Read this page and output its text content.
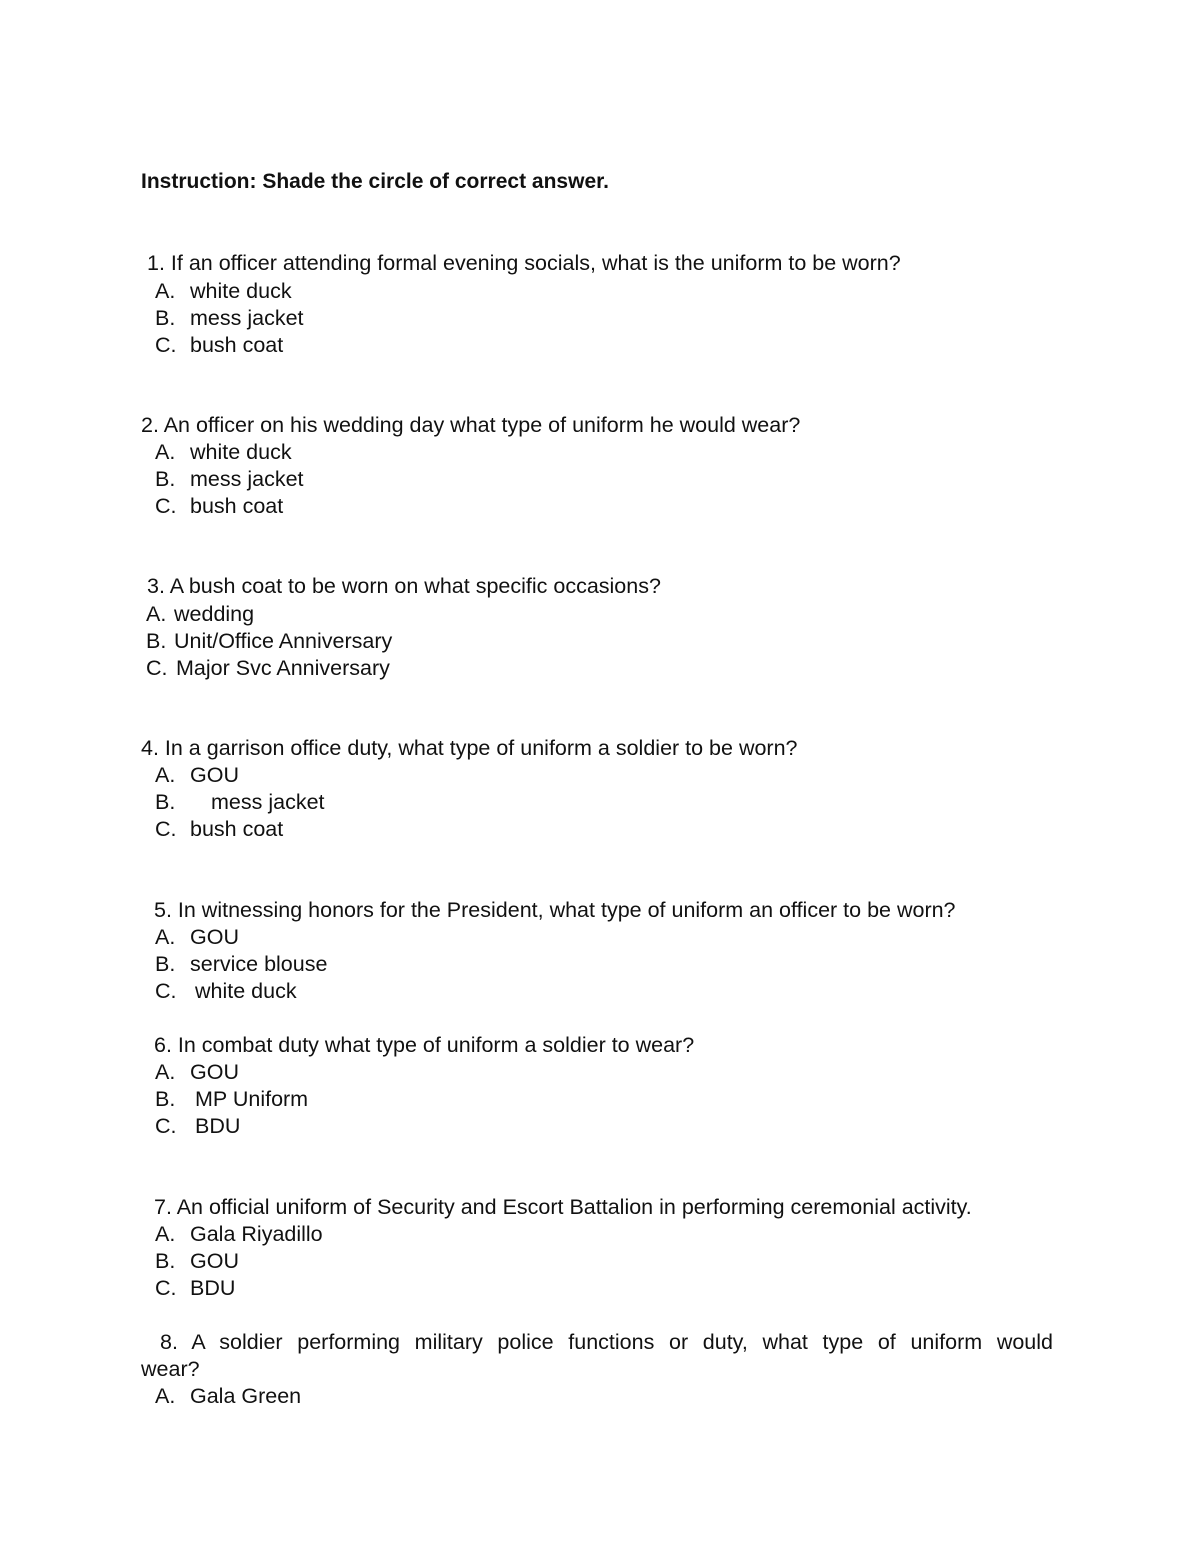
Instruction: Shade the circle of correct answer.
1. If an officer attending formal evening socials, what is the uniform to be worn?
A. white duck
B. mess jacket
C. bush coat
2. An officer on his wedding day what type of uniform he would wear?
A. white duck
B. mess jacket
C. bush coat
3. A bush coat to be worn on what specific occasions?
A. wedding
B. Unit/Office Anniversary
C. Major Svc Anniversary
4. In a garrison office duty, what type of uniform a soldier to be worn?
A. GOU
B. mess jacket
C. bush coat
5. In witnessing honors for the President, what type of uniform an officer to be worn?
A. GOU
B. service blouse
C. white duck
6. In combat duty what type of uniform a soldier to wear?
A. GOU
B. MP Uniform
C. BDU
7. An official uniform of Security and Escort Battalion in performing ceremonial activity.
A. Gala Riyadillo
B. GOU
C. BDU
8. A soldier performing military police functions or duty, what type of uniform would
wear?
A. Gala Green
